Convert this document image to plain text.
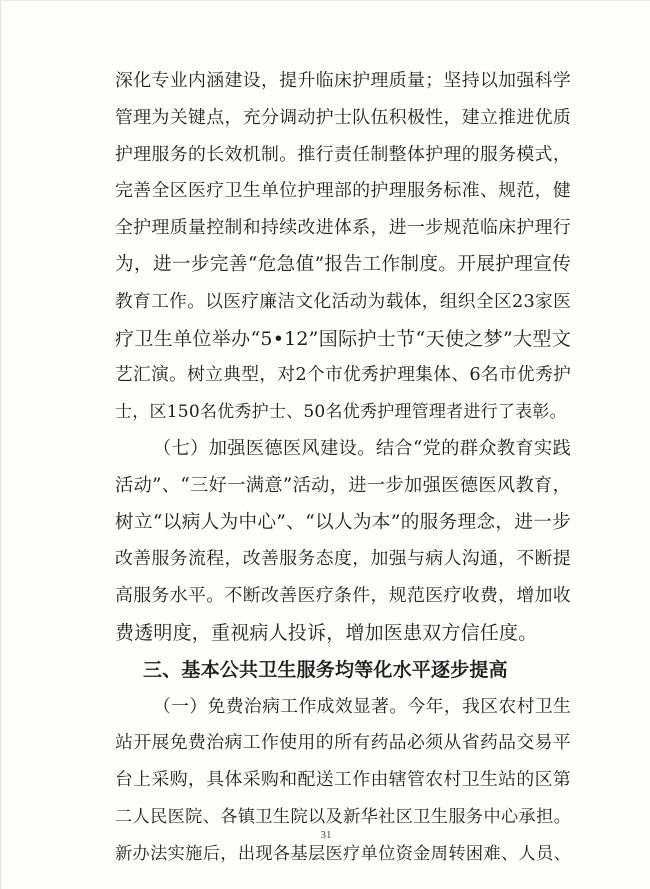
深化专业内涵建设，提升临床护理质量；坚持以加强科学
管理为关键点，充分调动护士队伍积极性，建立推进优质
护理服务的长效机制。推行责任制整体护理的服务模式，
完善全区医疗卫生单位护理部的护理服务标准、规范，健
全护理质量控制和持续改进体系，进一步规范临床护理行
为，进一步完善“危急值”报告工作制度。开展护理宣传
教育工作。以医疗廉洁文化活动为载体，组织全区23家医
疗卫生单位举办“5•12”国际护士节“天使之梦”大型文
艺汇演。树立典型，对2个市优秀护理集体、6名市优秀护
士，区150名优秀护士、50名优秀护理管理者进行了表彰。
（七）加强医德医风建设。结合“党的群众教育实践
活动”、“三好一满意”活动，进一步加强医德医风教育，
树立“以病人为中心”、“以人为本”的服务理念，进一步
改善服务流程，改善服务态度，加强与病人沟通，不断提
高服务水平。不断改善医疗条件，规范医疗收费，增加收
费透明度，重视病人投诉，增加医患双方信任度。
三、基本公共卫生服务均等化水平逐步提高
（一）免费治病工作成效显著。今年，我区农村卫生
站开展免费治病工作使用的所有药品必须从省药品交易平
台上采购，具体采购和配送工作由辖管农村卫生站的区第
二人民医院、各镇卫生院以及新华社区卫生服务中心承担。
新办法实施后，出现各基层医疗单位资金周转困难、人员、
31
